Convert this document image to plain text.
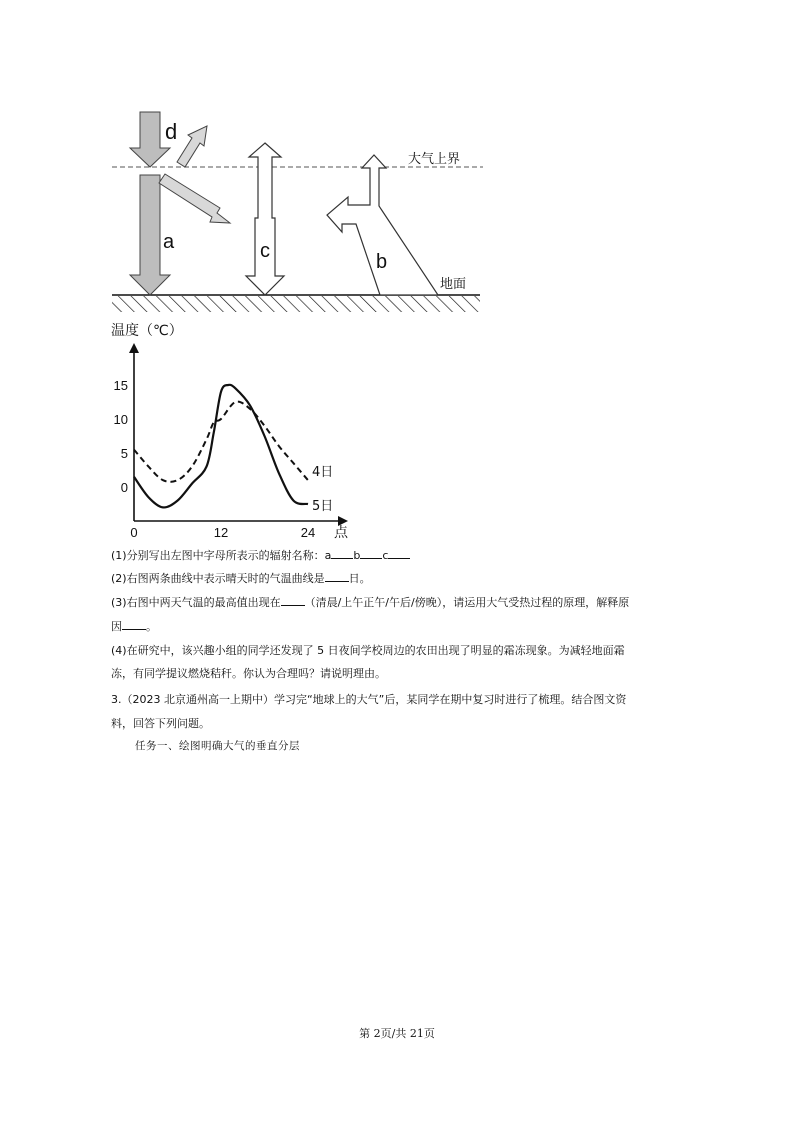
d
a	c	b
大气上界
地面
温度（℃）
15
10
5
0
0	12	24
4日
5日
点
(1)分别写出左图中字母所表示的辐射名称：a b c
(2)右图两条曲线中表示晴天时的气温曲线是 日。
(3)右图中两天气温的最高值出现在 （清晨/上午正午/午后/傍晚），请运用大气受热过程的原理，解释原
因 。
(4)在研究中，该兴趣小组的同学还发现了 5 日夜间学校周边的农田出现了明显的霜冻现象。为减轻地面霜
冻，有同学提议燃烧秸秆。你认为合理吗？请说明理由。
3.（2023 北京通州高一上期中）学习完“地球上的大气”后，某同学在期中复习时进行了梳理。结合图文资
料，回答下列问题。
任务一、绘图明确大气的垂直分层
第 2页/共 21页
